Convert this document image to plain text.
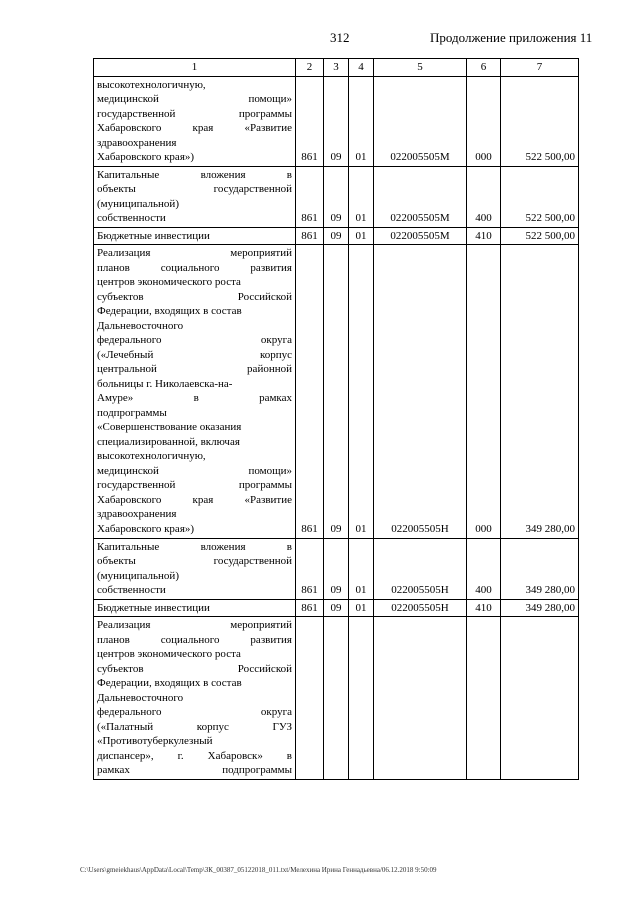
312	Продолжение приложения 11
1	2	3	4	5	6	7

высокотехнологичную,
медицинской помощи»
государственной программы
Хабаровского края «Развитие
здравоохранения
Хабаровского края»)	861	09	01	022005505М	000	522 500,00

Капитальные вложения в
объекты государственной
(муниципальной)
собственности	861	09	01	022005505М	400	522 500,00
Бюджетные инвестиции	861	09	01	022005505М	410	522 500,00

Реализация мероприятий
планов социального развития
центров экономического роста

субъектов Российской
Федерации, входящих в состав
Дальневосточного

федерального округа
(«Лечебный корпус
центральной районной
больницы г. Николаевска-на-

Амуре» в рамках
подпрограммы
«Совершенствование оказания
специализированной, включая
высокотехнологичную,

медицинской помощи»
государственной программы
Хабаровского края «Развитие
здравоохранения
Хабаровского края»)	861	09	01	022005505Н	000	349 280,00

Капитальные вложения в
объекты государственной
(муниципальной)
собственности	861	09	01	022005505Н	400	349 280,00
Бюджетные инвестиции	861	09	01	022005505Н	410	349 280,00

Реализация мероприятий
планов социального развития
центров экономического роста

субъектов Российской
Федерации, входящих в состав
Дальневосточного

федерального округа
(«Палатный корпус ГУЗ
«Противотуберкулезный

диспансер», г. Хабаровск» в
рамках подпрограммы

C:\Users\gmeiekhaus\AppData\Local\Temp\ЗК_00387_05122018_011.txt/Мелехина Ирина Геннадьевна/06.12.2018 9:50:09
